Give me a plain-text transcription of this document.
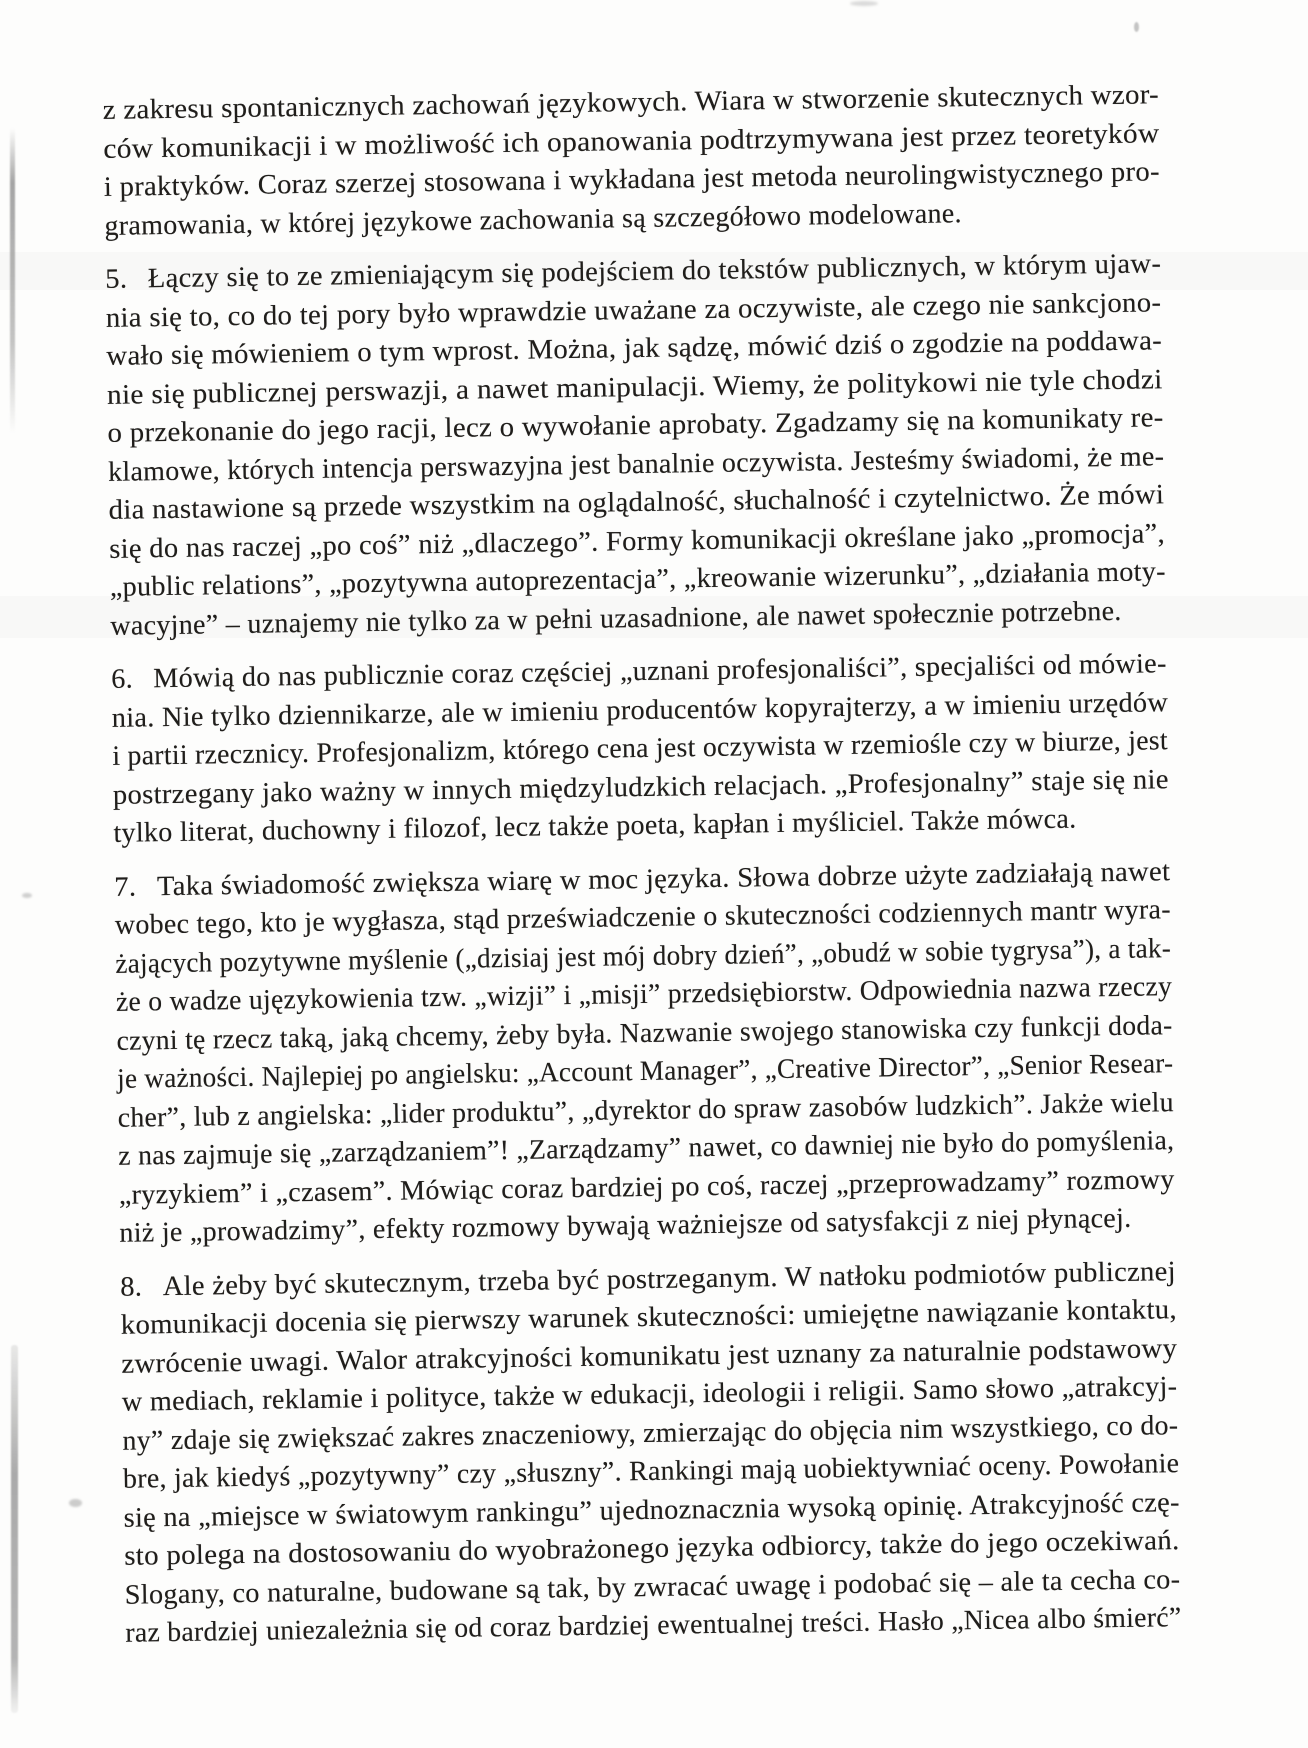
z zakresu spontanicznych zachowań językowych. Wiara w stworzenie skutecznych wzor-
ców komunikacji i w możliwość ich opanowania podtrzymywana jest przez teoretyków
i praktyków. Coraz szerzej stosowana i wykładana jest metoda neurolingwistycznego pro-
gramowania, w której językowe zachowania są szczegółowo modelowane.
5.  Łączy się to ze zmieniającym się podejściem do tekstów publicznych, w którym ujaw-
nia się to, co do tej pory było wprawdzie uważane za oczywiste, ale czego nie sankcjono-
wało się mówieniem o tym wprost. Można, jak sądzę, mówić dziś o zgodzie na poddawa-
nie się publicznej perswazji, a nawet manipulacji. Wiemy, że politykowi nie tyle chodzi
o przekonanie do jego racji, lecz o wywołanie aprobaty. Zgadzamy się na komunikaty re-
klamowe, których intencja perswazyjna jest banalnie oczywista. Jesteśmy świadomi, że me-
dia nastawione są przede wszystkim na oglądalność, słuchalność i czytelnictwo. Że mówi
się do nas raczej „po coś” niż „dlaczego”. Formy komunikacji określane jako „promocja”,
„public relations”, „pozytywna autoprezentacja”, „kreowanie wizerunku”, „działania moty-
wacyjne” – uznajemy nie tylko za w pełni uzasadnione, ale nawet społecznie potrzebne.
6.  Mówią do nas publicznie coraz częściej „uznani profesjonaliści”, specjaliści od mówie-
nia. Nie tylko dziennikarze, ale w imieniu producentów kopyrajterzy, a w imieniu urzędów
i partii rzecznicy. Profesjonalizm, którego cena jest oczywista w rzemiośle czy w biurze, jest
postrzegany jako ważny w innych międzyludzkich relacjach. „Profesjonalny” staje się nie
tylko literat, duchowny i filozof, lecz także poeta, kapłan i myśliciel. Także mówca.
7.  Taka świadomość zwiększa wiarę w moc języka. Słowa dobrze użyte zadziałają nawet
wobec tego, kto je wygłasza, stąd przeświadczenie o skuteczności codziennych mantr wyra-
żających pozytywne myślenie („dzisiaj jest mój dobry dzień”, „obudź w sobie tygrysa”), a tak-
że o wadze ujęzykowienia tzw. „wizji” i „misji” przedsiębiorstw. Odpowiednia nazwa rzeczy
czyni tę rzecz taką, jaką chcemy, żeby była. Nazwanie swojego stanowiska czy funkcji doda-
je ważności. Najlepiej po angielsku: „Account Manager”, „Creative Director”, „Senior Resear-
cher”, lub z angielska: „lider produktu”, „dyrektor do spraw zasobów ludzkich”. Jakże wielu
z nas zajmuje się „zarządzaniem”! „Zarządzamy” nawet, co dawniej nie było do pomyślenia,
„ryzykiem” i „czasem”. Mówiąc coraz bardziej po coś, raczej „przeprowadzamy” rozmowy
niż je „prowadzimy”, efekty rozmowy bywają ważniejsze od satysfakcji z niej płynącej.
8.  Ale żeby być skutecznym, trzeba być postrzeganym. W natłoku podmiotów publicznej
komunikacji docenia się pierwszy warunek skuteczności: umiejętne nawiązanie kontaktu,
zwrócenie uwagi. Walor atrakcyjności komunikatu jest uznany za naturalnie podstawowy
w mediach, reklamie i polityce, także w edukacji, ideologii i religii. Samo słowo „atrakcyj-
ny” zdaje się zwiększać zakres znaczeniowy, zmierzając do objęcia nim wszystkiego, co do-
bre, jak kiedyś „pozytywny” czy „słuszny”. Rankingi mają uobiektywniać oceny. Powołanie
się na „miejsce w światowym rankingu” ujednoznacznia wysoką opinię. Atrakcyjność czę-
sto polega na dostosowaniu do wyobrażonego języka odbiorcy, także do jego oczekiwań.
Slogany, co naturalne, budowane są tak, by zwracać uwagę i podobać się – ale ta cecha co-
raz bardziej uniezależnia się od coraz bardziej ewentualnej treści. Hasło „Nicea albo śmierć”
